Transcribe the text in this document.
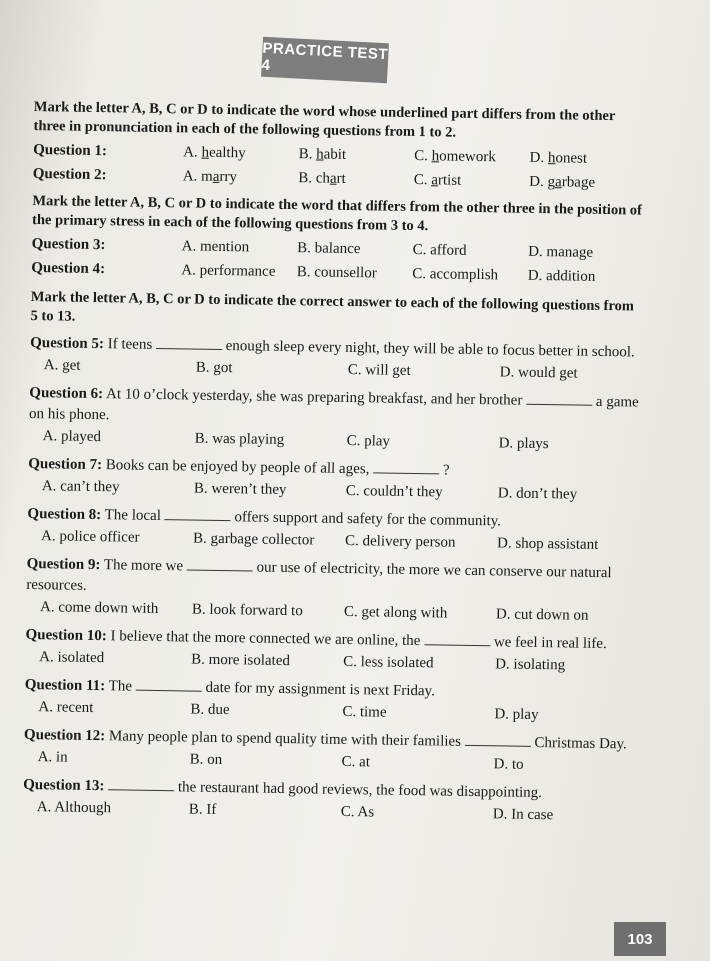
PRACTICE TEST 4

Mark the letter A, B, C or D to indicate the word whose underlined part differs from the other three in pronunciation in each of the following questions from 1 to 2.

Question 1:	A. healthy	B. habit	C. homework	D. honest
Question 2:	A. marry	B. chart	C. artist	D. garbage

Mark the letter A, B, C or D to indicate the word that differs from the other three in the position of the primary stress in each of the following questions from 3 to 4.

Question 3:	A. mention	B. balance	C. afford	D. manage
Question 4:	A. performance	B. counsellor	C. accomplish	D. addition

Mark the letter A, B, C or D to indicate the correct answer to each of the following questions from 5 to 13.

Question 5: If teens	enough sleep every night, they will be able to focus better in school.
A. get	B. got	C. will get	D. would get
Question 6: At 10 o’clock yesterday, she was preparing breakfast, and her brother	a game on his phone.
A. played	B. was playing	C. play	D. plays
Question 7: Books can be enjoyed by people of all ages,	?
A. can’t they	B. weren’t they	C. couldn’t they	D. don’t they
Question 8: The local	offers support and safety for the community.
A. police officer	B. garbage collector	C. delivery person	D. shop assistant
Question 9: The more we	our use of electricity, the more we can conserve our natural resources.
A. come down with	B. look forward to	C. get along with	D. cut down on
Question 10: I believe that the more connected we are online, the	we feel in real life.
A. isolated	B. more isolated	C. less isolated	D. isolating
Question 11: The	date for my assignment is next Friday.
A. recent	B. due	C. time	D. play
Question 12: Many people plan to spend quality time with their families	Christmas Day.
A. in	B. on	C. at	D. to
Question 13:	the restaurant had good reviews, the food was disappointing.
A. Although	B. If	C. As	D. In case
103
